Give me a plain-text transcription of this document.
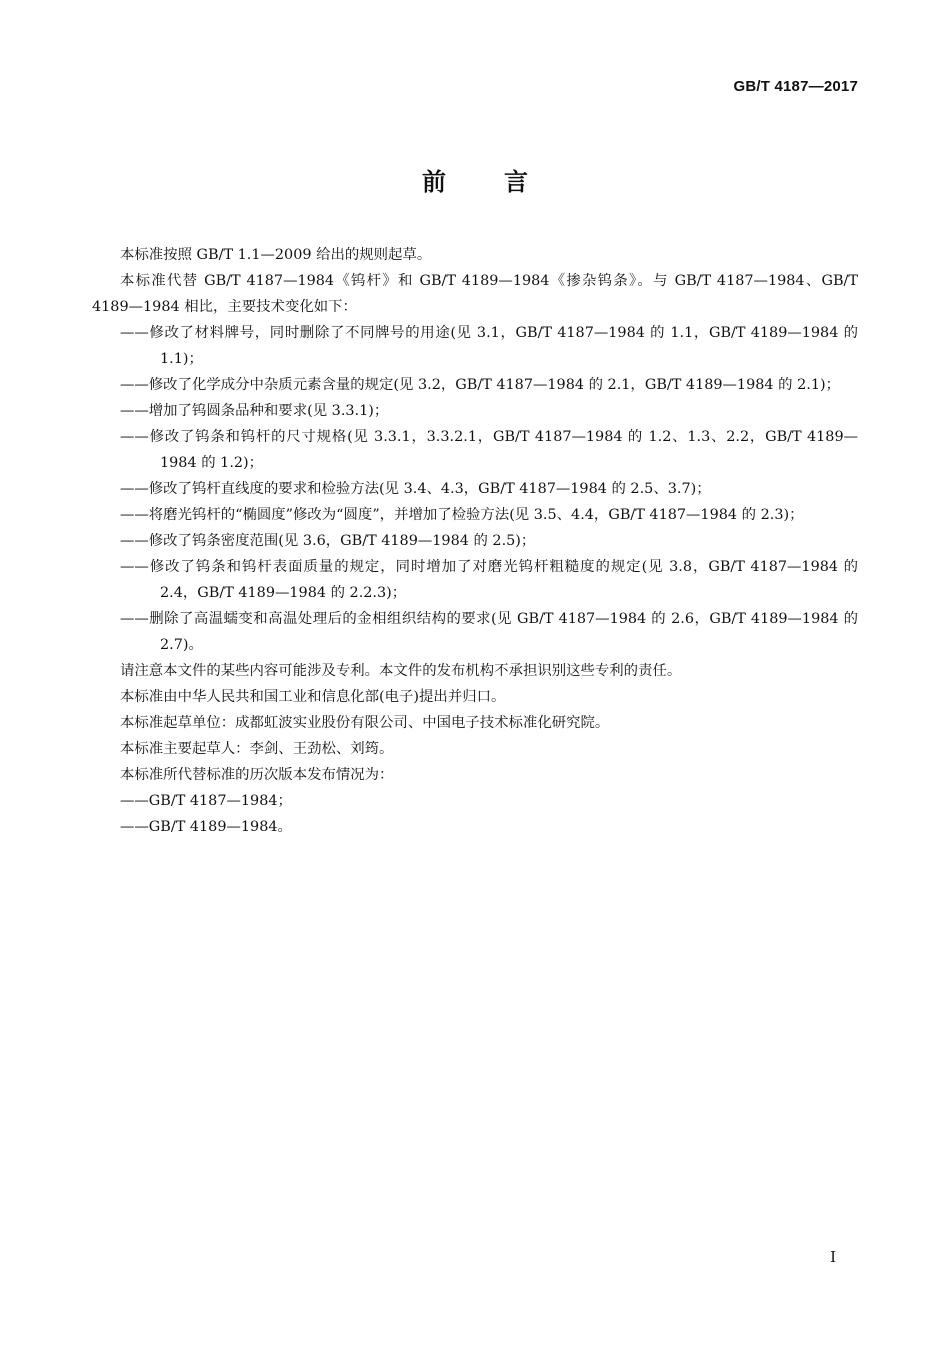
GB/T 4187—2017
前言

本标准按照 GB/T 1.1—2009 给出的规则起草。

本标准代替 GB/T 4187—1984《钨杆》和 GB/T 4189—1984《掺杂钨条》。与 GB/T 4187—1984、GB/T 4189—1984 相比，主要技术变化如下：

——修改了材料牌号，同时删除了不同牌号的用途(见 3.1，GB/T 4187—1984 的 1.1，GB/T 4189—1984 的 1.1)；

——修改了化学成分中杂质元素含量的规定(见 3.2，GB/T 4187—1984 的 2.1，GB/T 4189—1984 的 2.1)；

——增加了钨圆条品种和要求(见 3.3.1)；

——修改了钨条和钨杆的尺寸规格(见 3.3.1，3.3.2.1，GB/T 4187—1984 的 1.2、1.3、2.2，GB/T 4189—1984 的 1.2)；

——修改了钨杆直线度的要求和检验方法(见 3.4、4.3，GB/T 4187—1984 的 2.5、3.7)；

——将磨光钨杆的“椭圆度”修改为“圆度”，并增加了检验方法(见 3.5、4.4，GB/T 4187—1984 的 2.3)；

——修改了钨条密度范围(见 3.6，GB/T 4189—1984 的 2.5)；

——修改了钨条和钨杆表面质量的规定，同时增加了对磨光钨杆粗糙度的规定(见 3.8，GB/T 4187—1984 的 2.4，GB/T 4189—1984 的 2.2.3)；

——删除了高温蠕变和高温处理后的金相组织结构的要求(见 GB/T 4187—1984 的 2.6，GB/T 4189—1984 的 2.7)。

请注意本文件的某些内容可能涉及专利。本文件的发布机构不承担识别这些专利的责任。

本标准由中华人民共和国工业和信息化部(电子)提出并归口。

本标准起草单位：成都虹波实业股份有限公司、中国电子技术标准化研究院。

本标准主要起草人：李剑、王劲松、刘筠。

本标准所代替标准的历次版本发布情况为：

——GB/T 4187—1984；

——GB/T 4189—1984。

I
